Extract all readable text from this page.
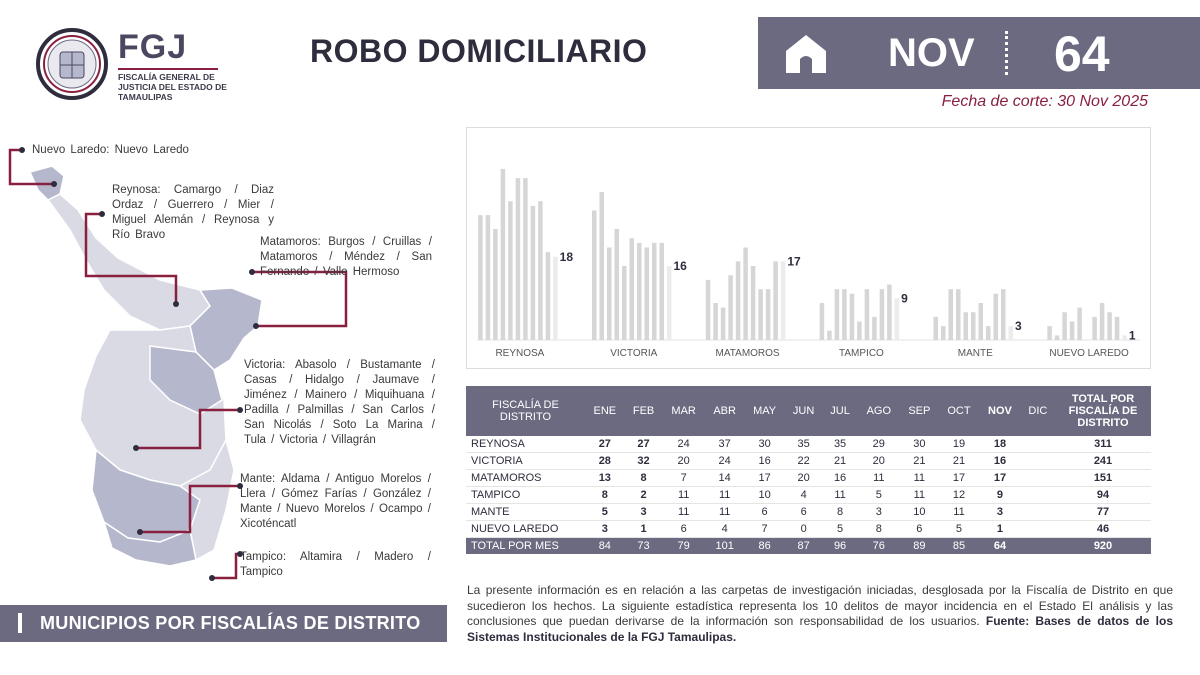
FGJ
FISCALÍA GENERAL DE JUSTICIA DEL ESTADO DE TAMAULIPAS
ROBO DOMICILIARIO	NOV 64
Fecha de corte: 30 Nov 2025
Nuevo Laredo: Nuevo Laredo
Reynosa: Camargo / Diaz Ordaz / Guerrero / Mier / Miguel Alemán / Reynosa y Río Bravo
Matamoros: Burgos / Cruillas / Matamoros / Méndez / San Fernando / Valle Hermoso
Victoria: Abasolo / Bustamante / Casas / Hidalgo / Jaumave / Jiménez / Mainero / Miquihuana / Padilla / Palmillas / San Carlos / San Nicolás / Soto La Marina / Tula / Victoria / Villagrán
Mante: Aldama / Antiguo Morelos / Llera / Gómez Farías / González / Mante / Nuevo Morelos / Ocampo / Xicoténcatl
Tampico: Altamira / Madero / Tampico
MUNICIPIOS POR FISCALÍAS DE DISTRITO
18
REYNOSA
16
VICTORIA
17
MATAMOROS
9
TAMPICO
3
MANTE
1
NUEVO LAREDO
FISCALÍA DE DISTRITO	ENE	FEB	MAR	ABR	MAY	JUN	JUL	AGO	SEP	OCT	NOV	DIC	TOTAL POR FISCALÍA DE DISTRITO
REYNOSA	27	27	24	37	30	35	35	29	30	19	18		311
VICTORIA	28	32	20	24	16	22	21	20	21	21	16		241
MATAMOROS	13	8	7	14	17	20	16	11	11	17	17		151
TAMPICO	8	2	11	11	10	4	11	5	11	12	9		94
MANTE	5	3	11	11	6	6	8	3	10	11	3		77
NUEVO LAREDO	3	1	6	4	7	0	5	8	6	5	1		46
TOTAL POR MES	84	73	79	101	86	87	96	76	89	85	64		920
La presente información es en relación a las carpetas de investigación iniciadas, desglosada por la Fiscalía de Distrito en que sucedieron los hechos. La siguiente estadística representa los 10 delitos de mayor incidencia en el Estado El análisis y las conclusiones que puedan derivarse de la información son responsabilidad de los usuarios. Fuente: Bases de datos de los Sistemas Institucionales de la FGJ Tamaulipas.
